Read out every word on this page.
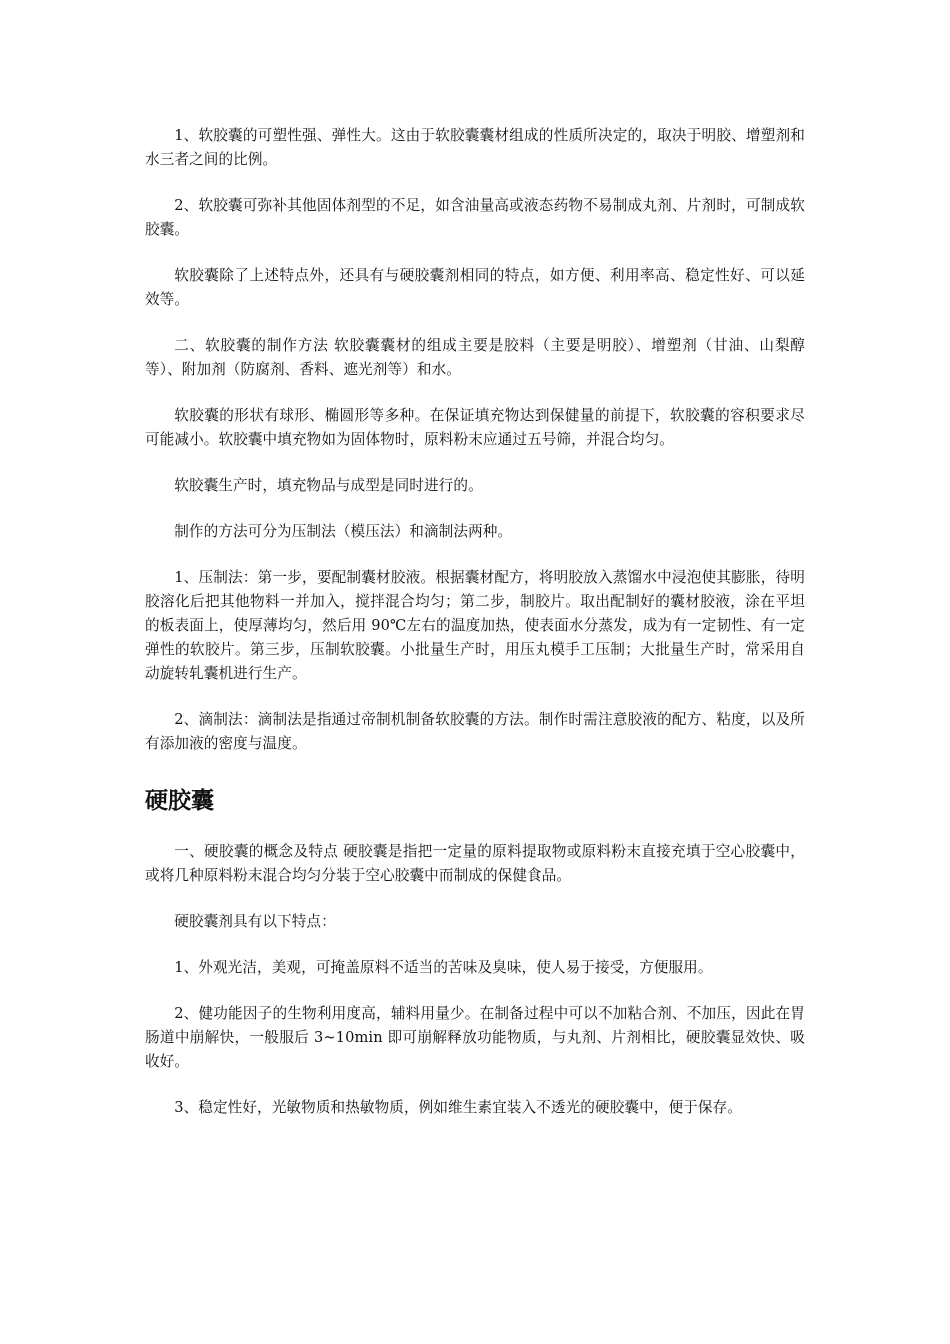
1、软胶囊的可塑性强、弹性大。这由于软胶囊囊材组成的性质所决定的，取决于明胶、增塑剂和水三者之间的比例。

2、软胶囊可弥补其他固体剂型的不足，如含油量高或液态药物不易制成丸剂、片剂时，可制成软胶囊。

软胶囊除了上述特点外，还具有与硬胶囊剂相同的特点，如方便、利用率高、稳定性好、可以延效等。

二、软胶囊的制作方法 软胶囊囊材的组成主要是胶料（主要是明胶）、增塑剂（甘油、山梨醇等）、附加剂（防腐剂、香料、遮光剂等）和水。

软胶囊的形状有球形、椭圆形等多种。在保证填充物达到保健量的前提下，软胶囊的容积要求尽可能减小。软胶囊中填充物如为固体物时，原料粉末应通过五号筛，并混合均匀。

软胶囊生产时，填充物品与成型是同时进行的。

制作的方法可分为压制法（模压法）和滴制法两种。

1、压制法：第一步，要配制囊材胶液。根据囊材配方，将明胶放入蒸馏水中浸泡使其膨胀，待明胶溶化后把其他物料一并加入，搅拌混合均匀；第二步，制胶片。取出配制好的囊材胶液，涂在平坦的板表面上，使厚薄均匀，然后用 90℃左右的温度加热，使表面水分蒸发，成为有一定韧性、有一定弹性的软胶片。第三步，压制软胶囊。小批量生产时，用压丸模手工压制；大批量生产时，常采用自动旋转轧囊机进行生产。

2、滴制法：滴制法是指通过帝制机制备软胶囊的方法。制作时需注意胶液的配方、粘度，以及所有添加液的密度与温度。

硬胶囊

一、硬胶囊的概念及特点 硬胶囊是指把一定量的原料提取物或原料粉末直接充填于空心胶囊中，或将几种原料粉末混合均匀分装于空心胶囊中而制成的保健食品。

硬胶囊剂具有以下特点：

1、外观光洁，美观，可掩盖原料不适当的苦味及臭味，使人易于接受，方便服用。

2、健功能因子的生物利用度高，辅料用量少。在制备过程中可以不加粘合剂、不加压，因此在胃肠道中崩解快，一般服后 3~10min 即可崩解释放功能物质，与丸剂、片剂相比，硬胶囊显效快、吸收好。

3、稳定性好，光敏物质和热敏物质，例如维生素宜装入不透光的硬胶囊中，便于保存。
